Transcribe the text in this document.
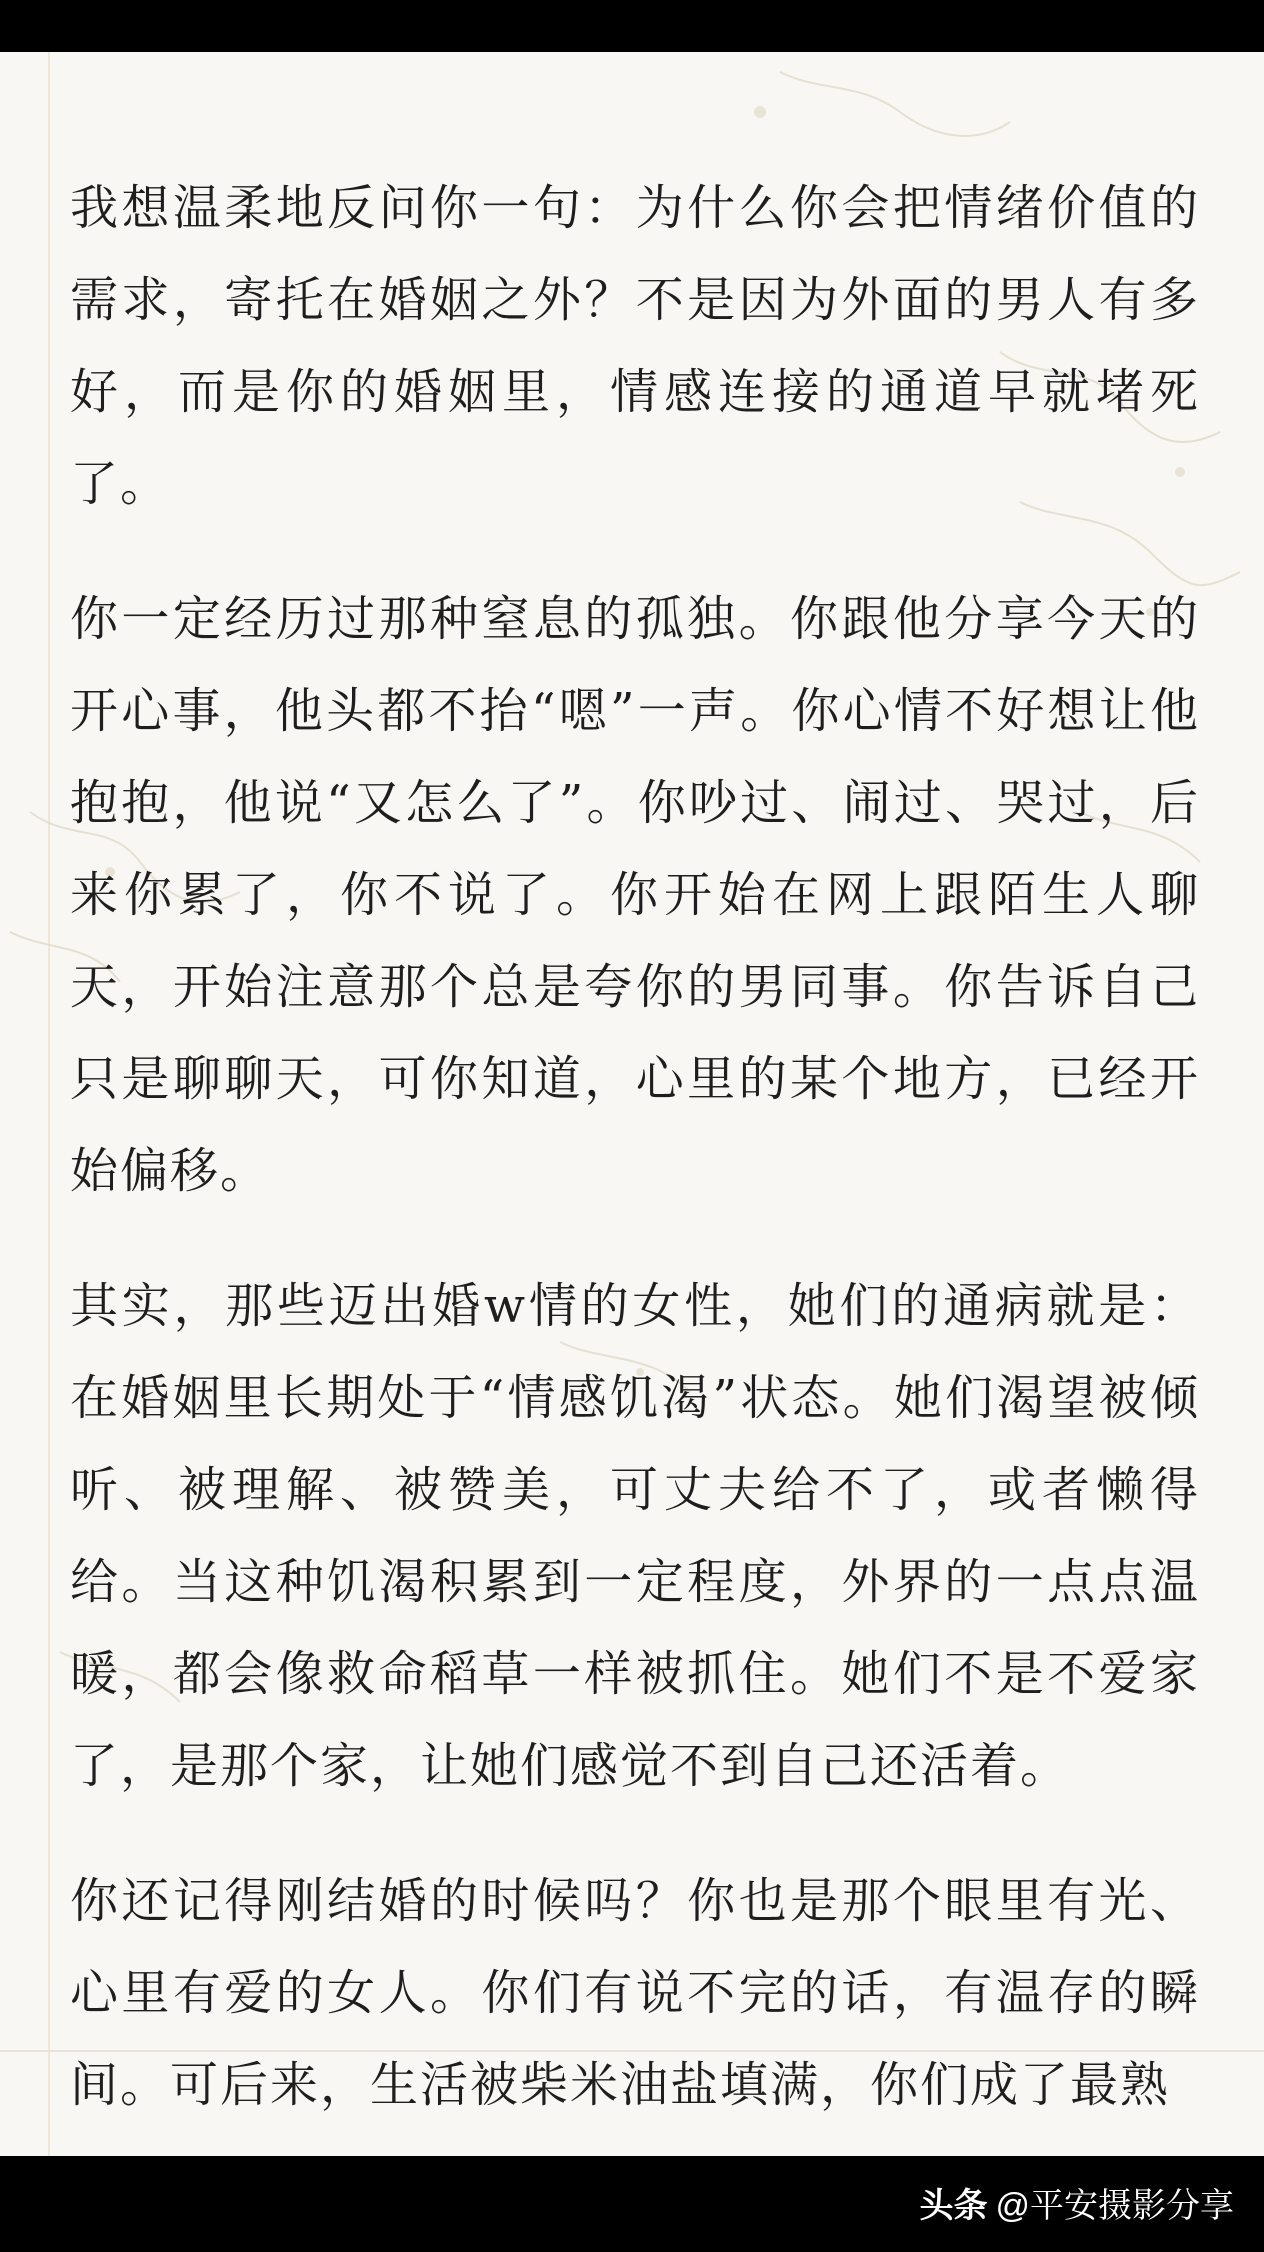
我想温柔地反问你一句：为什么你会把情绪价值的需求，寄托在婚姻之外？不是因为外面的男人有多好，而是你的婚姻里，情感连接的通道早就堵死了。

你一定经历过那种窒息的孤独。你跟他分享今天的开心事，他头都不抬“嗯”一声。你心情不好想让他抱抱，他说“又怎么了”。你吵过、闹过、哭过，后来你累了，你不说了。你开始在网上跟陌生人聊天，开始注意那个总是夸你的男同事。你告诉自己只是聊聊天，可你知道，心里的某个地方，已经开始偏移。

其实，那些迈出婚w情的女性，她们的通病就是：在婚姻里长期处于“情感饥渴”状态。她们渴望被倾听、被理解、被赞美，可丈夫给不了，或者懒得给。当这种饥渴积累到一定程度，外界的一点点温暖，都会像救命稻草一样被抓住。她们不是不爱家了，是那个家，让她们感觉不到自己还活着。

你还记得刚结婚的时候吗？你也是那个眼里有光、心里有爱的女人。你们有说不完的话，有温存的瞬间。可后来，生活被柴米油盐填满，你们成了最熟

头条 @平安摄影分享
